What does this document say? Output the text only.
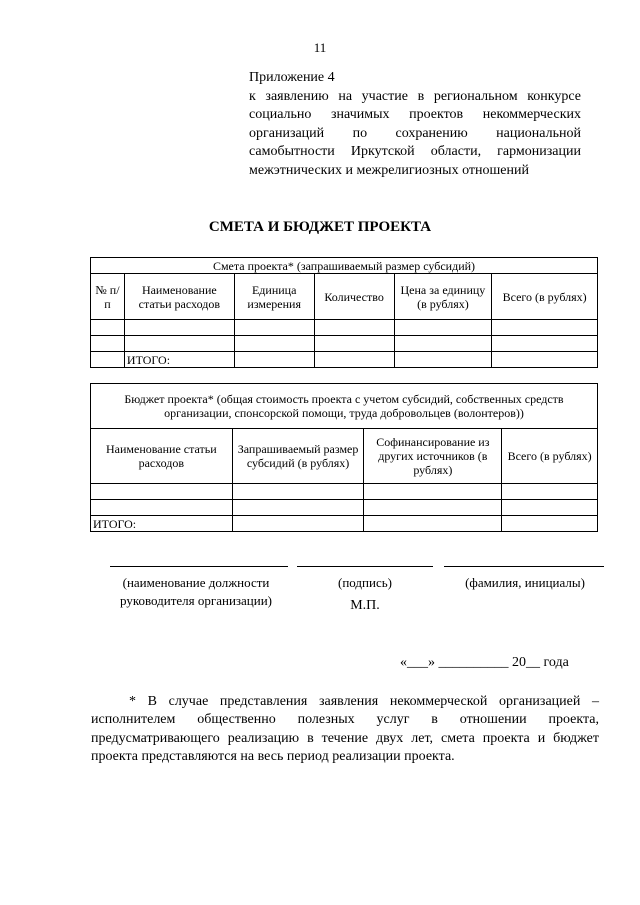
11
Приложение 4
к заявлению на участие в региональном конкурсе социально значимых проектов некоммерческих организаций по сохранению национальной самобытности Иркутской области, гармонизации межэтнических и межрелигиозных отношений
СМЕТА И БЮДЖЕТ ПРОЕКТА
Смета проекта* (запрашиваемый размер субсидий)					
№ п/п	Наименование статьи расходов	Единица измерения	Количество	Цена за единицу (в рублях)	Всего (в рублях)

	ИТОГО:				
Бюджет проекта* (общая стоимость проекта с учетом субсидий, собственных средств организации, спонсорской помощи, труда добровольцев (волонтеров))			
Наименование статьи расходов	Запрашиваемый размер субсидий (в рублях)	Софинансирование из других источников (в рублях)	Всего (в рублях)

ИТОГО:			
(наименование должности руководителя организации)
(подпись)	(фамилия, инициалы)
М.П.
«___» __________ 20__ года
* В случае представления заявления некоммерческой организацией – исполнителем общественно полезных услуг в отношении проекта, предусматривающего реализацию в течение двух лет, смета проекта и бюджет проекта представляются на весь период реализации проекта.
